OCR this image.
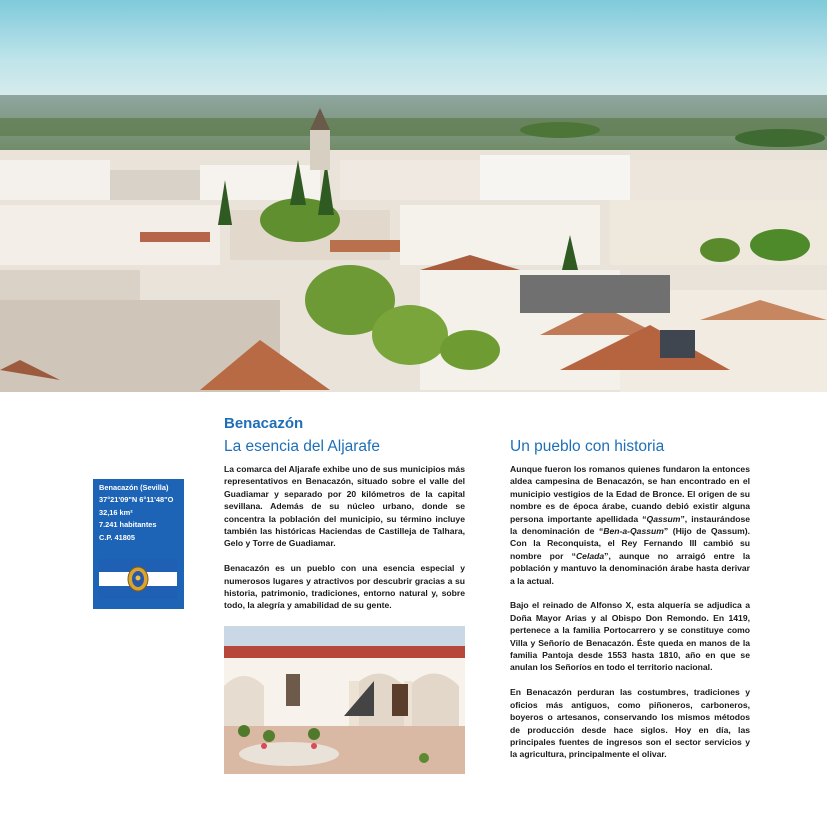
Benacazón
La esencia del Aljarafe	Un pueblo con historia
Benacazón (Sevilla)
37°21'09"N 6°11'48"O
32,16 km²
7.241 habitantes
C.P. 41805

La comarca del Aljarafe exhibe uno de sus municipios más representativos en Benacazón, situado sobre el valle del Guadiamar y separado por 20 kilómetros de la capital sevillana. Además de su núcleo urbano, donde se concentra la población del municipio, su término incluye también las históricas Haciendas de Castilleja de Talhara, Gelo y Torre de Guadiamar.

Benacazón es un pueblo con una esencia especial y numerosos lugares y atractivos por descubrir gracias a su historia, patrimonio, tradiciones, entorno natural y, sobre todo, la alegría y amabilidad de su gente.

Aunque fueron los romanos quienes fundaron la entonces aldea campesina de Benacazón, se han encontrado en el municipio vestigios de la Edad de Bronce. El origen de su nombre es de época árabe, cuando debió existir alguna persona importante apellidada “Qassum”, instaurándose la denominación de “Ben-a-Qassum” (Hijo de Qassum). Con la Reconquista, el Rey Fernando III cambió su nombre por “Celada”, aunque no arraigó entre la población y mantuvo la denominación árabe hasta derivar a la actual.

Bajo el reinado de Alfonso X, esta alquería se adjudica a Doña Mayor Arias y al Obispo Don Remondo. En 1419, pertenece a la familia Portocarrero y se constituye como Villa y Señorío de Benacazón. Éste queda en manos de la familia Pantoja desde 1553 hasta 1810, año en que se anulan los Señoríos en todo el territorio nacional.

En Benacazón perduran las costumbres, tradiciones y oficios más antiguos, como piñoneros, carboneros, boyeros o artesanos, conservando los mismos métodos de producción desde hace siglos. Hoy en día, las principales fuentes de ingresos son el sector servicios y la agricultura, principalmente el olivar.
